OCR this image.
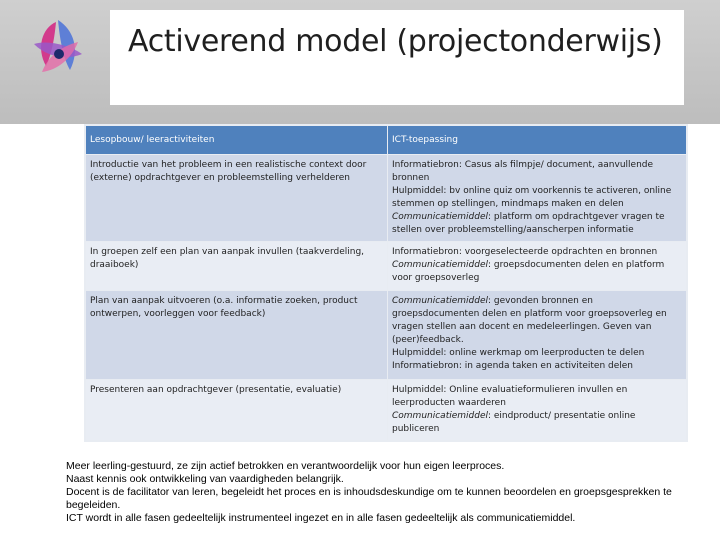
Activerend model (projectonderwijs)
Lesopbouw/ leeractiviteiten	ICT-toepassing
Introductie van het probleem in een realistische context door (externe) opdrachtgever en probleemstelling verhelderen	Informatiebron: Casus als filmpje/ document, aanvullende bronnen
Hulpmiddel: bv online quiz om voorkennis te activeren, online stemmen op stellingen, mindmaps maken en delen
Communicatiemiddel: platform om opdrachtgever vragen te stellen over probleemstelling/aanscherpen informatie

In groepen zelf een plan van aanpak invullen (taakverdeling, draaiboek)	Informatiebron: voorgeselecteerde opdrachten en bronnen
Communicatiemiddel: groepsdocumenten delen en platform voor groepsoverleg

Plan van aanpak uitvoeren (o.a. informatie zoeken, product ontwerpen, voorleggen voor feedback)	Communicatiemiddel: gevonden bronnen en groepsdocumenten delen en platform voor groepsoverleg en vragen stellen aan docent en medeleerlingen. Geven van (peer)feedback.
Hulpmiddel: online werkmap om leerproducten te delen
Informatiebron: in agenda taken en activiteiten delen

Presenteren aan opdrachtgever (presentatie, evaluatie)	Hulpmiddel: Online evaluatieformulieren invullen en leerproducten waarderen
Communicatiemiddel: eindproduct/ presentatie online publiceren

Meer leerling-gestuurd, ze zijn actief betrokken en verantwoordelijk voor hun eigen leerproces.

Naast kennis ook ontwikkeling van vaardigheden belangrijk.

Docent is de facilitator van leren, begeleidt het proces en is inhoudsdeskundige om te kunnen beoordelen en groepsgesprekken te begeleiden.

ICT wordt in alle fasen gedeeltelijk instrumenteel ingezet en in alle fasen gedeeltelijk als communicatiemiddel.
